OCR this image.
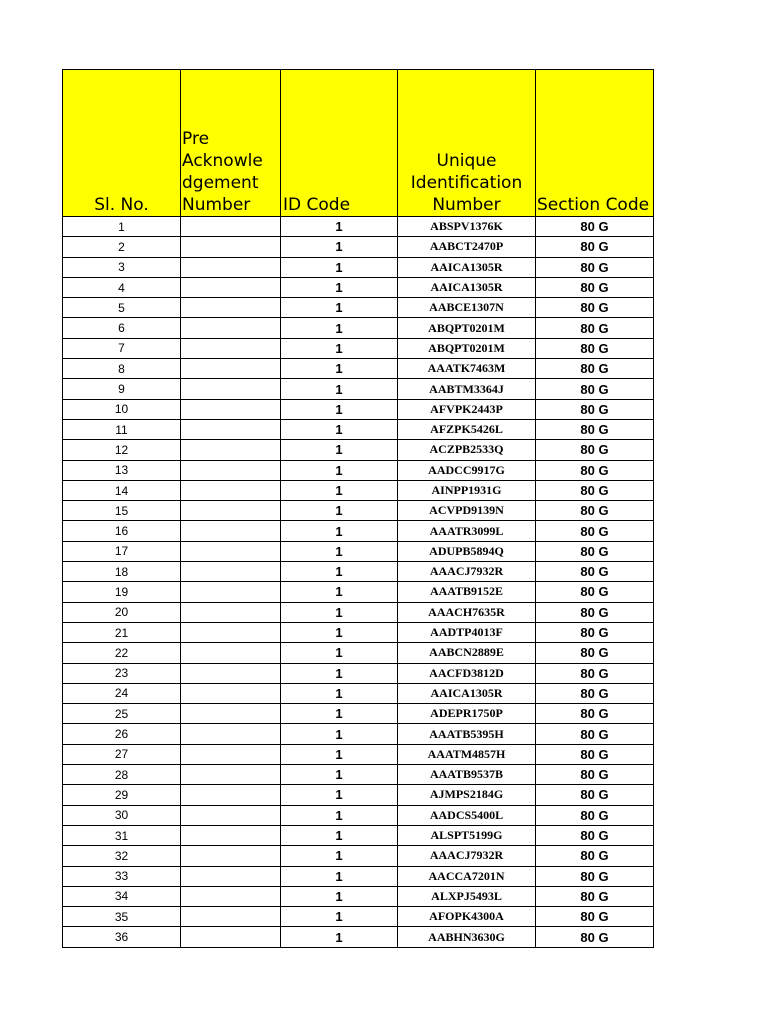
Sl. No.	Pre Acknowle dgement Number	ID Code	Unique Identification Number	Section Code
1		1	ABSPV1376K	80 G
2		1	AABCT2470P	80 G
3		1	AAICA1305R	80 G
4		1	AAICA1305R	80 G
5		1	AABCE1307N	80 G
6		1	ABQPT0201M	80 G
7		1	ABQPT0201M	80 G
8		1	AAATK7463M	80 G
9		1	AABTM3364J	80 G
10		1	AFVPK2443P	80 G
11		1	AFZPK5426L	80 G
12		1	ACZPB2533Q	80 G
13		1	AADCC9917G	80 G
14		1	AINPP1931G	80 G
15		1	ACVPD9139N	80 G
16		1	AAATR3099L	80 G
17		1	ADUPB5894Q	80 G
18		1	AAACJ7932R	80 G
19		1	AAATB9152E	80 G
20		1	AAACH7635R	80 G
21		1	AADTP4013F	80 G
22		1	AABCN2889E	80 G
23		1	AACFD3812D	80 G
24		1	AAICA1305R	80 G
25		1	ADEPR1750P	80 G
26		1	AAATB5395H	80 G
27		1	AAATM4857H	80 G
28		1	AAATB9537B	80 G
29		1	AJMPS2184G	80 G
30		1	AADCS5400L	80 G
31		1	ALSPT5199G	80 G
32		1	AAACJ7932R	80 G
33		1	AACCA7201N	80 G
34		1	ALXPJ5493L	80 G
35		1	AFOPK4300A	80 G
36		1	AABHN3630G	80 G
